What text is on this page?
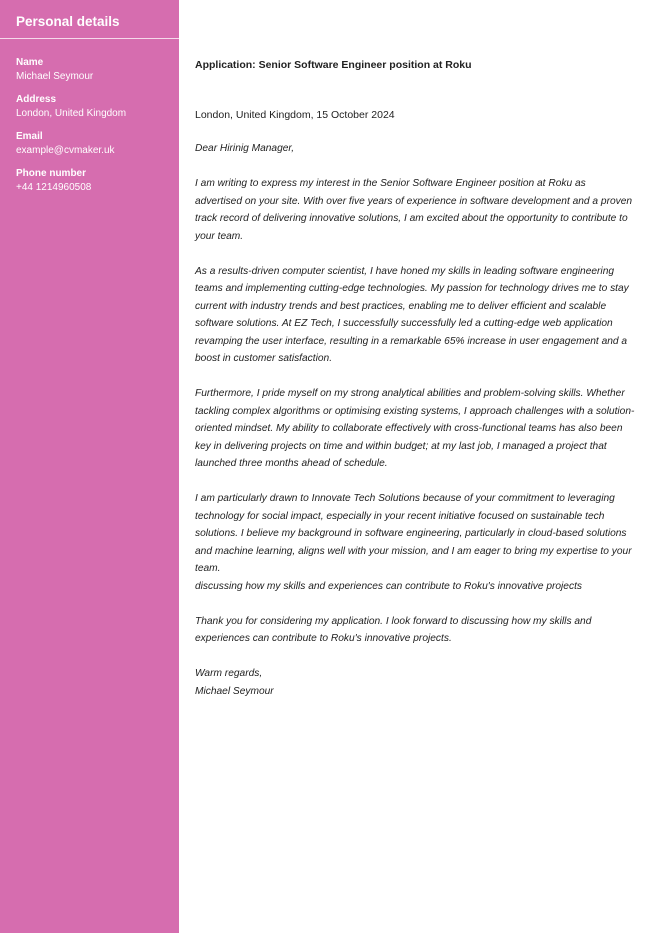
Personal details
Name
Michael Seymour
Address
London, United Kingdom
Email
example@cvmaker.uk
Phone number
+44 1214960508

Application: Senior Software Engineer position at Roku

London, United Kingdom, 15 October 2024

Dear Hirinig Manager,

I am writing to express my interest in the Senior Software Engineer position at Roku as advertised on your site. With over five years of experience in software development and a proven track record of delivering innovative solutions, I am excited about the opportunity to contribute to your team.

As a results-driven computer scientist, I have honed my skills in leading software engineering teams and implementing cutting-edge technologies. My passion for technology drives me to stay current with industry trends and best practices, enabling me to deliver efficient and scalable software solutions. At EZ Tech, I successfully successfully led a cutting-edge web application revamping the user interface, resulting in a remarkable 65% increase in user engagement and a boost in customer satisfaction.

Furthermore, I pride myself on my strong analytical abilities and problem-solving skills. Whether tackling complex algorithms or optimising existing systems, I approach challenges with a solution-oriented mindset. My ability to collaborate effectively with cross-functional teams has also been key in delivering projects on time and within budget; at my last job, I managed a project that launched three months ahead of schedule.

I am particularly drawn to Innovate Tech Solutions because of your commitment to leveraging technology for social impact, especially in your recent initiative focused on sustainable tech solutions. I believe my background in software engineering, particularly in cloud-based solutions and machine learning, aligns well with your mission, and I am eager to bring my expertise to your team.

discussing how my skills and experiences can contribute to Roku's innovative projects

Thank you for considering my application. I look forward to discussing how my skills and experiences can contribute to Roku's innovative projects.

Warm regards,

Michael Seymour
